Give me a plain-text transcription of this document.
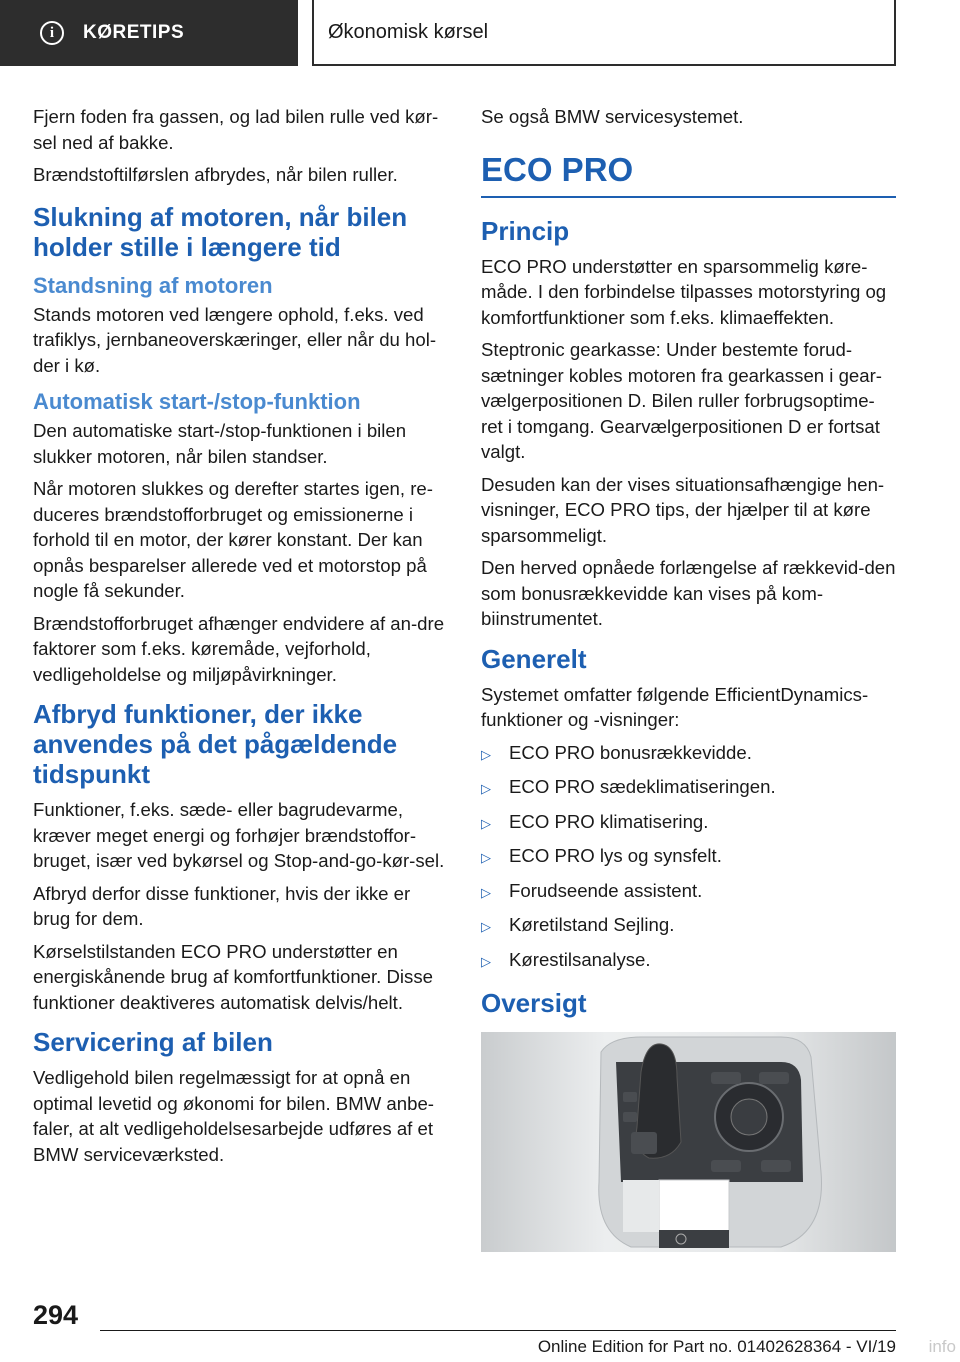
i	KØRETIPS	Økonomisk kørsel

Fjern foden fra gassen, og lad bilen rulle ved kør-sel ned af bakke.

Brændstoftilførslen afbrydes, når bilen ruller.

Slukning af motoren, når bilen holder stille i længere tid
Standsning af motoren

Stands motoren ved længere ophold, f.eks. ved trafiklys, jernbaneoverskæringer, eller når du hol-der i kø.

Automatisk start-/stop-funktion

Den automatiske start-/stop-funktionen i bilen slukker motoren, når bilen standser.

Når motoren slukkes og derefter startes igen, re-duceres brændstofforbruget og emissionerne i forhold til en motor, der kører konstant. Der kan opnås besparelser allerede ved et motorstop på nogle få sekunder.

Brændstofforbruget afhænger endvidere af an-dre faktorer som f.eks. køremåde, vejforhold, vedligeholdelse og miljøpåvirkninger.

Afbryd funktioner, der ikke anvendes på det pågældende tidspunkt

Funktioner, f.eks. sæde- eller bagrudevarme, kræver meget energi og forhøjer brændstoffor-bruget, især ved bykørsel og Stop-and-go-kør-sel.

Afbryd derfor disse funktioner, hvis der ikke er brug for dem.

Kørselstilstanden ECO PRO understøtter en energiskånende brug af komfortfunktioner. Disse funktioner deaktiveres automatisk delvis/helt.

Servicering af bilen

Vedligehold bilen regelmæssigt for at opnå en optimal levetid og økonomi for bilen. BMW anbe-faler, at alt vedligeholdelsesarbejde udføres af et BMW serviceværksted.

Se også BMW servicesystemet.

ECO PRO
Princip

ECO PRO understøtter en sparsommelig køre-måde. I den forbindelse tilpasses motorstyring og komfortfunktioner som f.eks. klimaeffekten.

Steptronic gearkasse: Under bestemte forud-sætninger kobles motoren fra gearkassen i gear-vælgerpositionen D. Bilen ruller forbrugsoptime-ret i tomgang. Gearvælgerpositionen D er fortsat valgt.

Desuden kan der vises situationsafhængige hen-visninger, ECO PRO tips, der hjælper til at køre sparsommeligt.

Den herved opnåede forlængelse af rækkevid-den som bonusrækkevidde kan vises på kom-biinstrumentet.

Generelt

Systemet omfatter følgende EfficientDynamics-funktioner og -visninger:

▷ ECO PRO bonusrækkevidde.
▷ ECO PRO sædeklimatiseringen.
▷ ECO PRO klimatisering.
▷ ECO PRO lys og synsfelt.
▷ Forudseende assistent.
▷ Køretilstand Sejling.
▷ Kørestilsanalyse.
Oversigt
294
Online Edition for Part no. 01402628364 - VI/19 info
